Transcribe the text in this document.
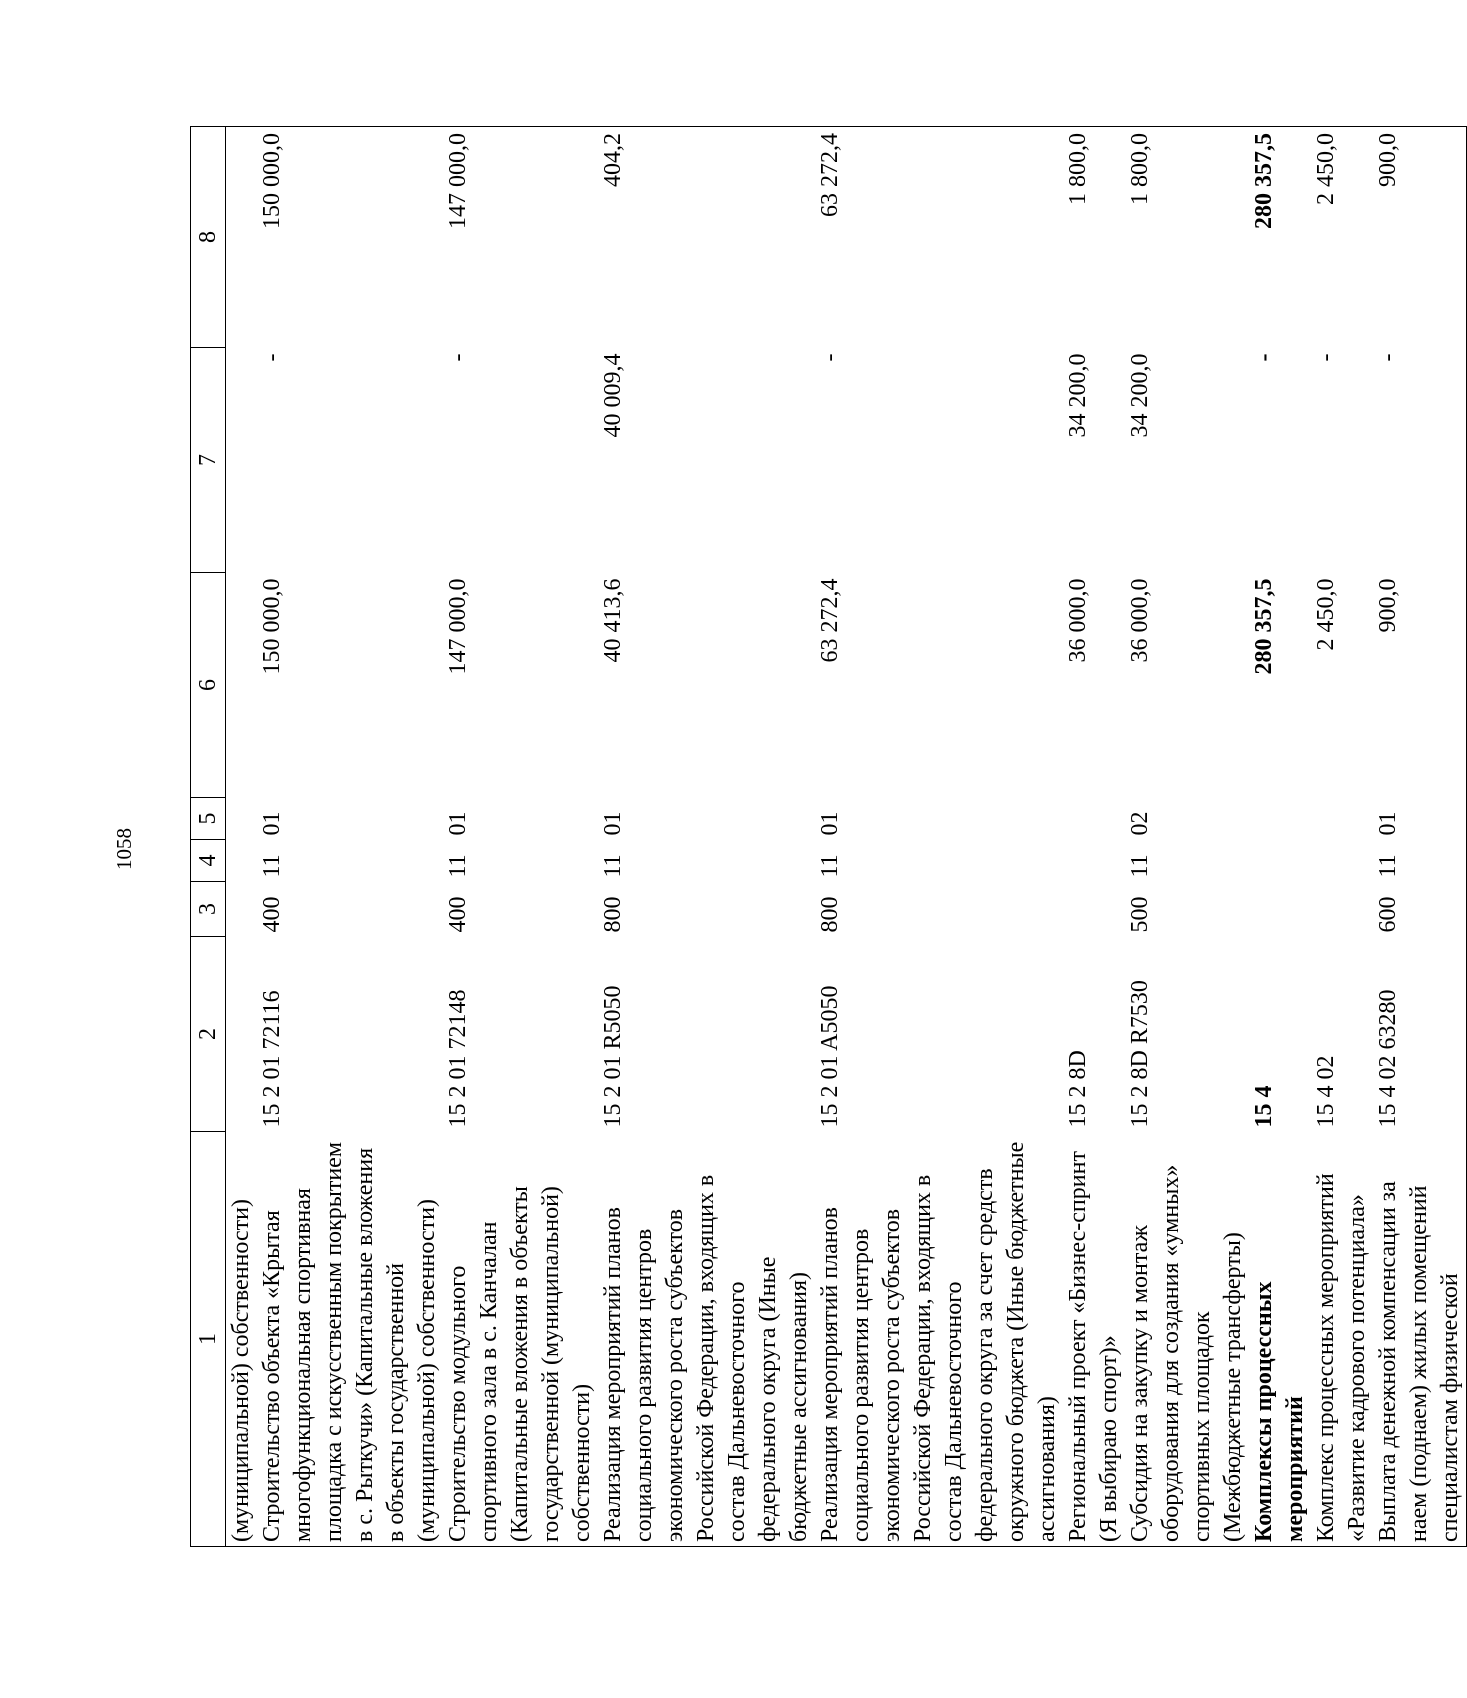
1058
1	2	3	4	5	6	7	8
(муниципальной) собственности)							
Строительство объекта «Крытая многофункциональная спортивная площадка с искусственным покрытием в с. Рыткучи» (Капитальные вложения в объекты государственной (муниципальной) собственности)	15 2 01 72116	400	11	01	150 000,0	-	150 000,0
Строительство модульного спортивного зала в с. Канчалан (Капитальные вложения в объекты государственной (муниципальной) собственности)	15 2 01 72148	400	11	01	147 000,0	-	147 000,0
Реализация мероприятий планов социального развития центров экономического роста субъектов Российской Федерации, входящих в состав Дальневосточного федерального округа (Иные бюджетные ассигнования)	15 2 01 R5050	800	11	01	40 413,6	40 009,4	404,2
Реализация мероприятий планов социального развития центров экономического роста субъектов Российской Федерации, входящих в состав Дальневосточного федерального округа за счет средств окружного бюджета (Иные бюджетные ассигнования)	15 2 01 A5050	800	11	01	63 272,4	-	63 272,4
Региональный проект «Бизнес-спринт (Я выбираю спорт)»	15 2 8D				36 000,0	34 200,0	1 800,0
Субсидия на закупку и монтаж оборудования для создания «умных» спортивных площадок (Межбюджетные трансферты)	15 2 8D R7530	500	11	02	36 000,0	34 200,0	1 800,0
Комплексы процессных мероприятий	15 4				280 357,5	-	280 357,5
Комплекс процессных мероприятий «Развитие кадрового потенциала»	15 4 02				2 450,0	-	2 450,0
Выплата денежной компенсации за наем (поднаем) жилых помещений специалистам физической	15 4 02 63280	600	11	01	900,0	-	900,0
